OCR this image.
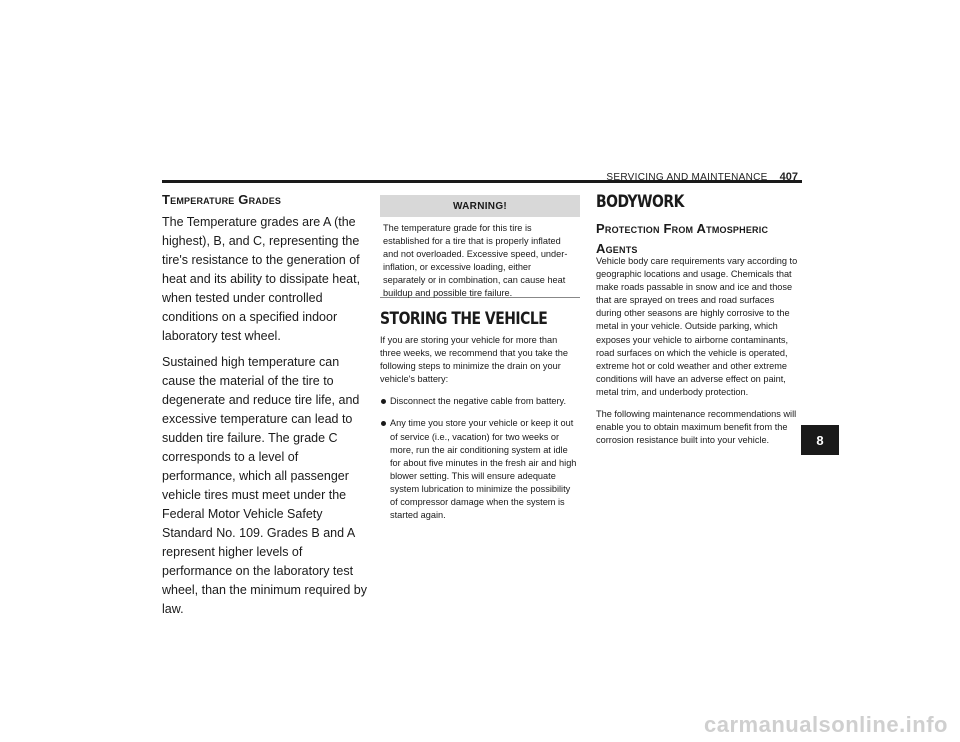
SERVICING AND MAINTENANCE 407
Temperature Grades

The Temperature grades are A (the highest), B, and C, representing the tire's resistance to the generation of heat and its ability to dissipate heat, when tested under controlled conditions on a specified indoor laboratory test wheel.

Sustained high temperature can cause the material of the tire to degenerate and reduce tire life, and excessive temperature can lead to sudden tire failure. The grade C corresponds to a level of performance, which all passenger vehicle tires must meet under the Federal Motor Vehicle Safety Standard No. 109. Grades B and A represent higher levels of performance on the laboratory test wheel, than the minimum required by law.

WARNING!
The temperature grade for this tire is established for a tire that is properly inflated and not overloaded. Excessive speed, under-inflation, or excessive loading, either separately or in combination, can cause heat buildup and possible tire failure.
STORING THE VEHICLE

If you are storing your vehicle for more than three weeks, we recommend that you take the following steps to minimize the drain on your vehicle's battery:

Disconnect the negative cable from battery.
Any time you store your vehicle or keep it out of service (i.e., vacation) for two weeks or more, run the air conditioning system at idle for about five minutes in the fresh air and high blower setting. This will ensure adequate system lubrication to minimize the possibility of compressor damage when the system is started again.
BODYWORK
Protection From Atmospheric
Agents

Vehicle body care requirements vary according to geographic locations and usage. Chemicals that make roads passable in snow and ice and those that are sprayed on trees and road surfaces during other seasons are highly corrosive to the metal in your vehicle. Outside parking, which exposes your vehicle to airborne contaminants, road surfaces on which the vehicle is operated, extreme hot or cold weather and other extreme conditions will have an adverse effect on paint, metal trim, and underbody protection.

The following maintenance recommendations will enable you to obtain maximum benefit from the corrosion resistance built into your vehicle.	8
carmanualsonline.info
